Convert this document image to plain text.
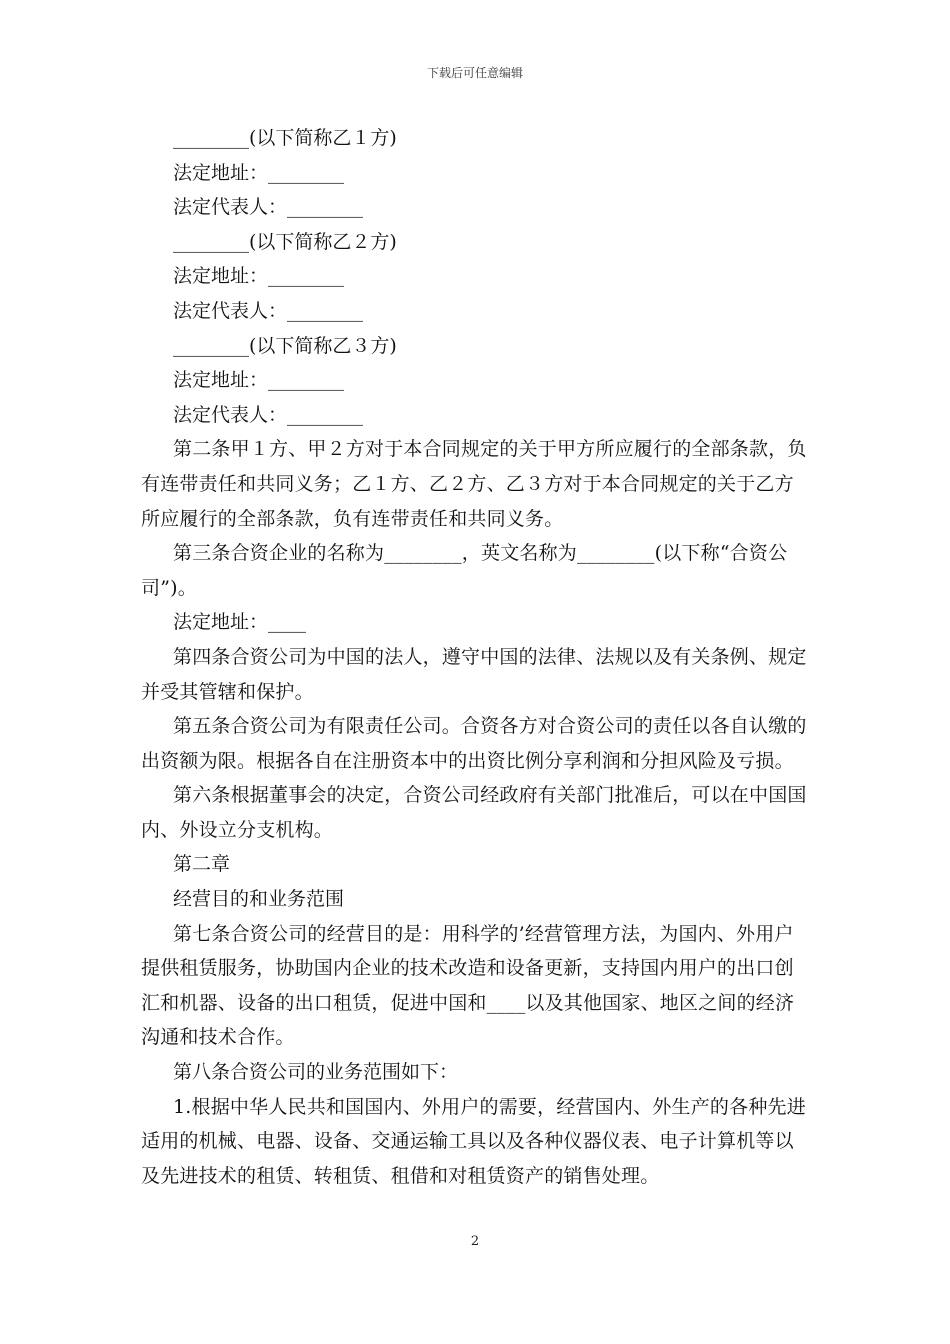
下载后可任意编辑

________(以下简称乙１方)

法定地址：________

法定代表人：________

________(以下简称乙２方)

法定地址：________

法定代表人：________

________(以下简称乙３方)

法定地址：________

法定代表人：________

第二条甲１方、甲２方对于本合同规定的关于甲方所应履行的全部条款，负有连带责任和共同义务；乙１方、乙２方、乙３方对于本合同规定的关于乙方所应履行的全部条款，负有连带责任和共同义务。

第三条合资企业的名称为________，英文名称为________(以下称“合资公司”)。

法定地址：____

第四条合资公司为中国的法人，遵守中国的法律、法规以及有关条例、规定并受其管辖和保护。

第五条合资公司为有限责任公司。合资各方对合资公司的责任以各自认缴的出资额为限。根据各自在注册资本中的出资比例分享利润和分担风险及亏损。

第六条根据董事会的决定，合资公司经政府有关部门批准后，可以在中国国内、外设立分支机构。

第二章

经营目的和业务范围

第七条合资公司的经营目的是：用科学的’经营管理方法，为国内、外用户提供租赁服务，协助国内企业的技术改造和设备更新，支持国内用户的出口创汇和机器、设备的出口租赁，促进中国和____以及其他国家、地区之间的经济沟通和技术合作。

第八条合资公司的业务范围如下：

1.根据中华人民共和国国内、外用户的需要，经营国内、外生产的各种先进适用的机械、电器、设备、交通运输工具以及各种仪器仪表、电子计算机等以及先进技术的租赁、转租赁、租借和对租赁资产的销售处理。

2
